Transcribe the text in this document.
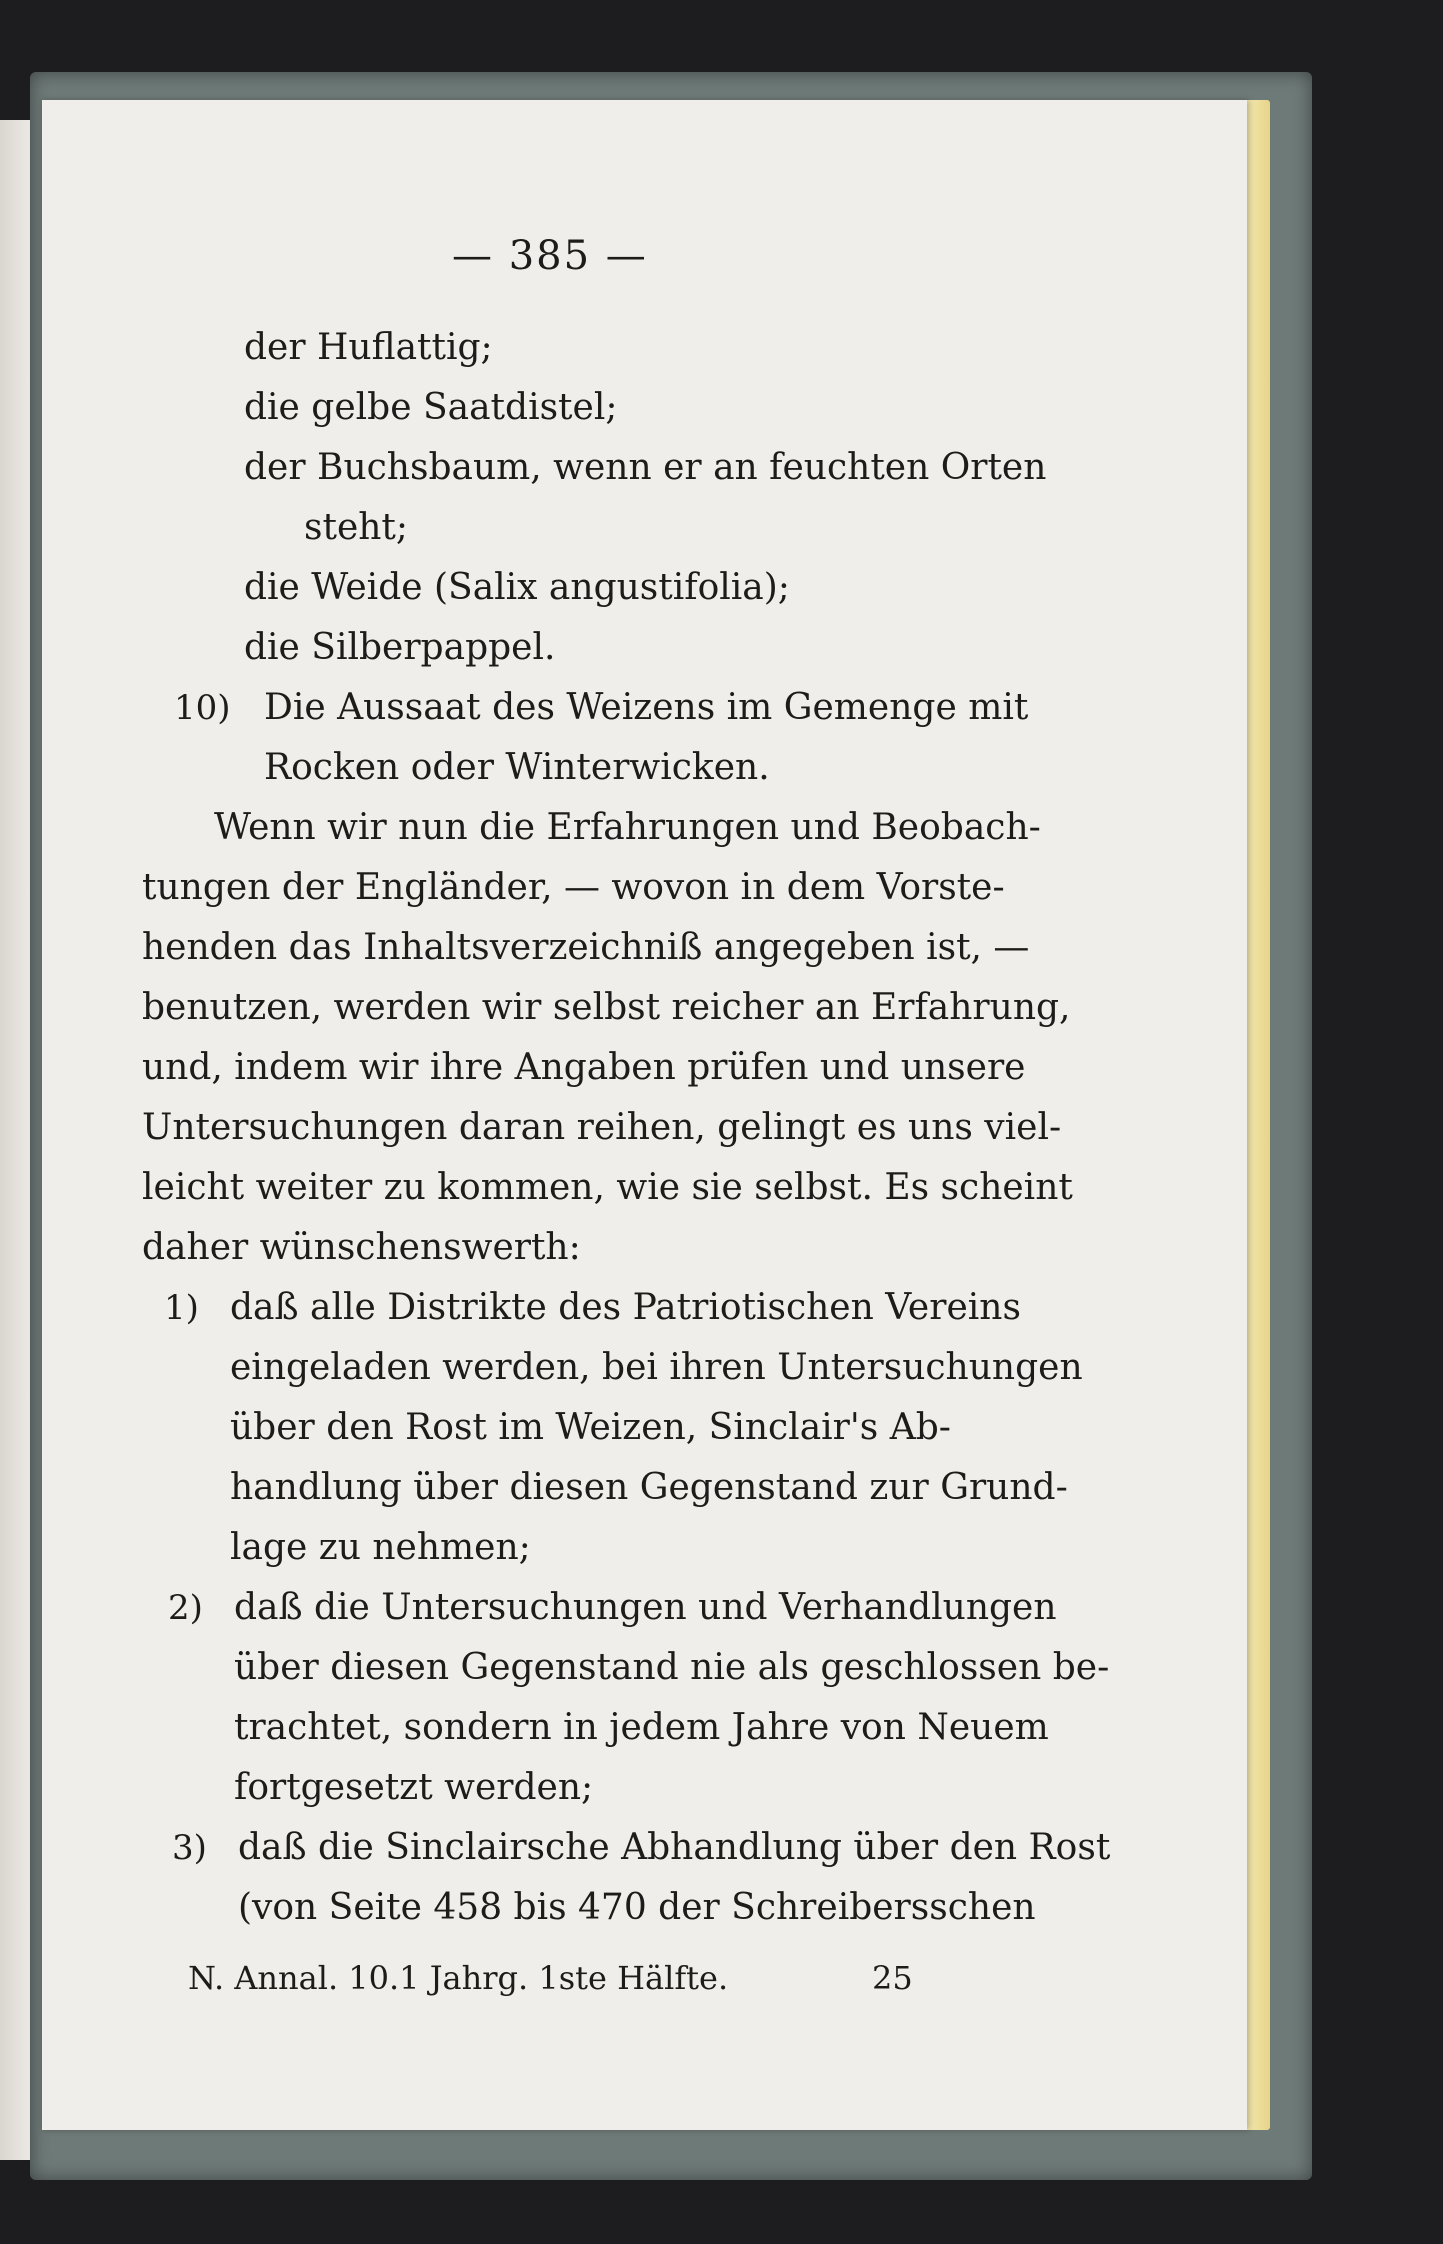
— 385 —
der Huflattig;
die gelbe Saatdistel;
der Buchsbaum, wenn er an feuchten Orten
steht;
die Weide (Salix angustifolia);
die Silberpappel.
10) Die Aussaat des Weizens im Gemenge mit
Rocken oder Winterwicken.
Wenn wir nun die Erfahrungen und Beobach-
tungen der Engländer, — wovon in dem Vorste-
henden das Inhaltsverzeichniß angegeben ist, —
benutzen, werden wir selbst reicher an Erfahrung,
und, indem wir ihre Angaben prüfen und unsere
Untersuchungen daran reihen, gelingt es uns viel-
leicht weiter zu kommen, wie sie selbst. Es scheint
daher wünschenswerth:
1) daß alle Distrikte des Patriotischen Vereins
eingeladen werden, bei ihren Untersuchungen
über den Rost im Weizen, Sinclair's Ab-
handlung über diesen Gegenstand zur Grund-
lage zu nehmen;
2) daß die Untersuchungen und Verhandlungen
über diesen Gegenstand nie als geschlossen be-
trachtet, sondern in jedem Jahre von Neuem
fortgesetzt werden;
3) daß die Sinclairsche Abhandlung über den Rost
(von Seite 458 bis 470 der Schreibersschen
N. Annal. 10.1 Jahrg. 1ste Hälfte.	25
